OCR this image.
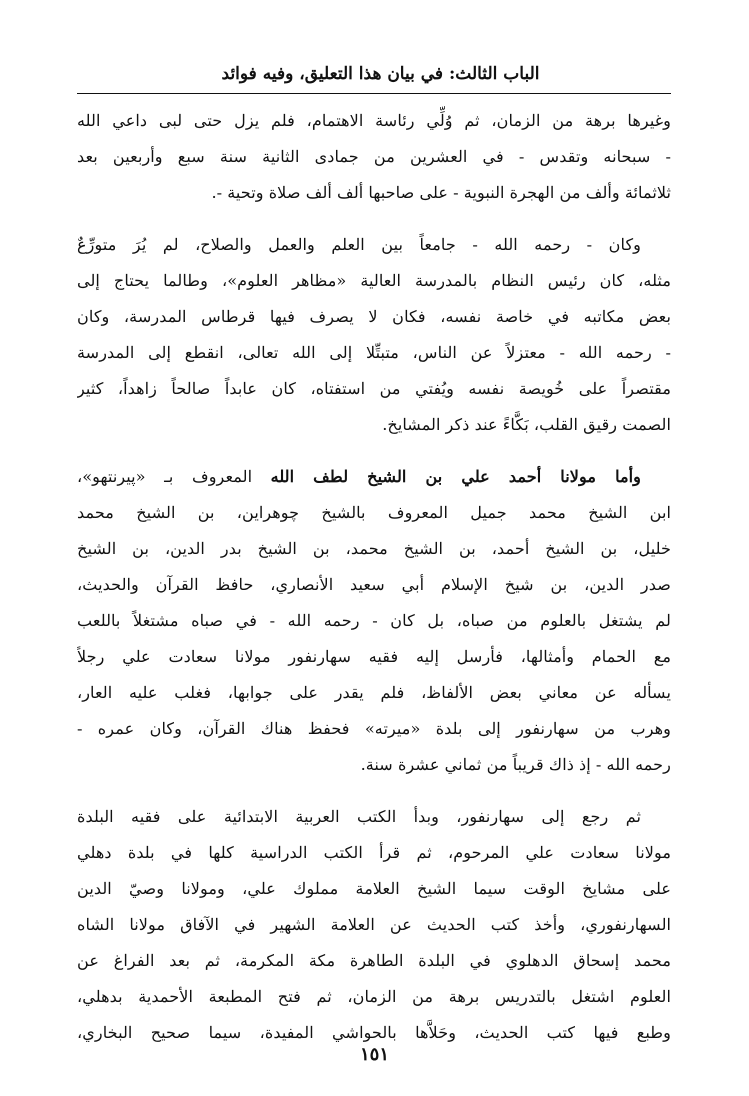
الباب الثالث: في بيان هذا التعليق، وفيه فوائد
وغيرها برهة من الزمان، ثم وُلِّي رئاسة الاهتمام، فلم يزل حتى لبى داعي الله
- سبحانه وتقدس - في العشرين من جمادى الثانية سنة سبع وأربعين بعد
ثلاثمائة وألف من الهجرة النبوية - على صاحبها ألف ألف صلاة وتحية -.
وكان - رحمه الله - جامعاً بين العلم والعمل والصلاح، لم يُرَ متورِّعٌ
مثله، كان رئيس النظام بالمدرسة العالية «مظاهر العلوم»، وطالما يحتاج إلى
بعض مكاتبه في خاصة نفسه، فكان لا يصرف فيها قرطاس المدرسة، وكان
- رحمه الله - معتزلاً عن الناس، متبتِّلا إلى الله تعالى، انقطع إلى المدرسة
مقتصراً على خُويصة نفسه ويُفتي من استفتاه، كان عابداً صالحاً زاهداً، كثير
الصمت رقيق القلب، بَكَّاءً عند ذكر المشايخ.
وأما مولانا أحمد علي بن الشيخ لطف الله المعروف بـ «پيرنتهو»،
ابن الشيخ محمد جميل المعروف بالشيخ چوهراين، بن الشيخ محمد
خليل، بن الشيخ أحمد، بن الشيخ محمد، بن الشيخ بدر الدين، بن الشيخ
صدر الدين، بن شيخ الإسلام أبي سعيد الأنصاري، حافظ القرآن والحديث،
لم يشتغل بالعلوم من صباه، بل كان - رحمه الله - في صباه مشتغلاً باللعب
مع الحمام وأمثالها، فأرسل إليه فقيه سهارنفور مولانا سعادت علي رجلاً
يسأله عن معاني بعض الألفاظ، فلم يقدر على جوابها، فغلب عليه العار،
وهرب من سهارنفور إلى بلدة «ميرته» فحفظ هناك القرآن، وكان عمره -
رحمه الله - إذ ذاك قريباً من ثماني عشرة سنة.
ثم رجع إلى سهارنفور، وبدأ الكتب العربية الابتدائية على فقيه البلدة
مولانا سعادت علي المرحوم، ثم قرأ الكتب الدراسية كلها في بلدة دهلي
على مشايخ الوقت سيما الشيخ العلامة مملوك علي، ومولانا وصيّ الدين
السهارنفوري، وأخذ كتب الحديث عن العلامة الشهير في الآفاق مولانا الشاه
محمد إسحاق الدهلوي في البلدة الطاهرة مكة المكرمة، ثم بعد الفراغ عن
العلوم اشتغل بالتدريس برهة من الزمان، ثم فتح المطبعة الأحمدية بدهلي،
وطبع فيها كتب الحديث، وحَلاَّها بالحواشي المفيدة، سيما صحيح البخاري،
١٥١
